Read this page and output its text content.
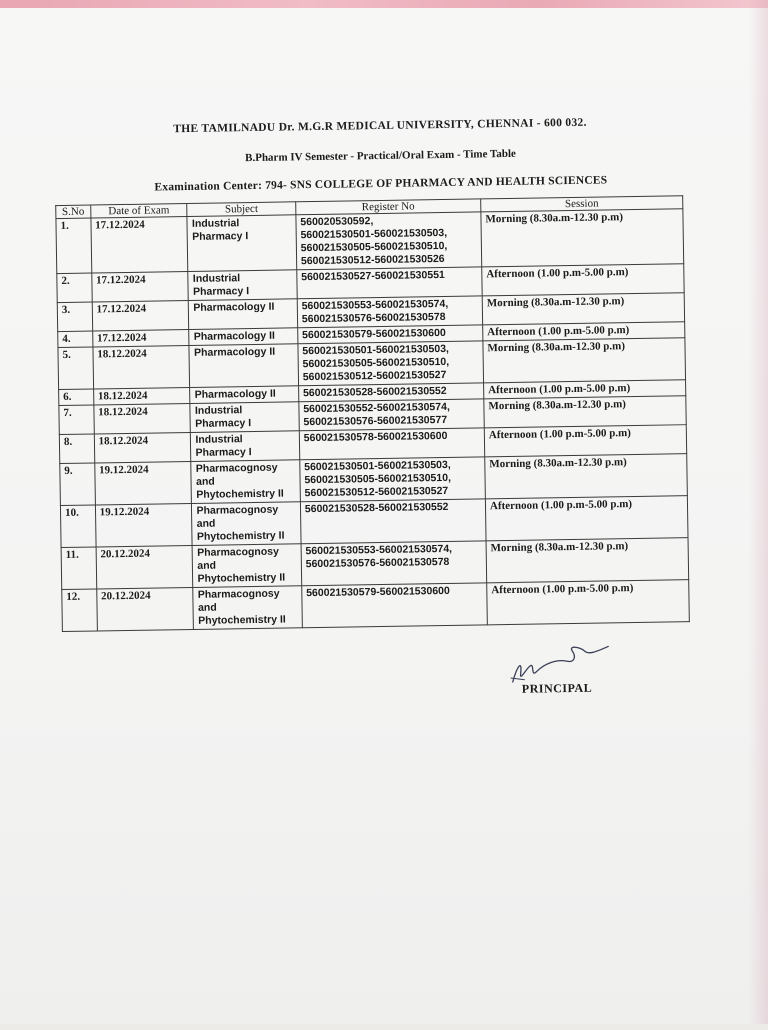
THE TAMILNADU Dr. M.G.R MEDICAL UNIVERSITY, CHENNAI - 600 032.
B.Pharm IV Semester - Practical/Oral Exam - Time Table
Examination Center: 794- SNS COLLEGE OF PHARMACY AND HEALTH SCIENCES
S.No	Date of Exam	Subject	Register No	Session
1.	17.12.2024	Industrial
Pharmacy I	560020530592,
560021530501-560021530503,
560021530505-560021530510,
560021530512-560021530526	Morning (8.30a.m-12.30 p.m)
2.	17.12.2024	Industrial
Pharmacy I	560021530527-560021530551	Afternoon (1.00 p.m-5.00 p.m)
3.	17.12.2024	Pharmacology II	560021530553-560021530574,
560021530576-560021530578	Morning (8.30a.m-12.30 p.m)
4.	17.12.2024	Pharmacology II	560021530579-560021530600	Afternoon (1.00 p.m-5.00 p.m)
5.	18.12.2024	Pharmacology II	560021530501-560021530503,
560021530505-560021530510,
560021530512-560021530527	Morning (8.30a.m-12.30 p.m)
6.	18.12.2024	Pharmacology II	560021530528-560021530552	Afternoon (1.00 p.m-5.00 p.m)
7.	18.12.2024	Industrial
Pharmacy I	560021530552-560021530574,
560021530576-560021530577	Morning (8.30a.m-12.30 p.m)
8.	18.12.2024	Industrial
Pharmacy I	560021530578-560021530600	Afternoon (1.00 p.m-5.00 p.m)
9.	19.12.2024	Pharmacognosy
and
Phytochemistry II	560021530501-560021530503,
560021530505-560021530510,
560021530512-560021530527	Morning (8.30a.m-12.30 p.m)
10.	19.12.2024	Pharmacognosy
and
Phytochemistry II	560021530528-560021530552	Afternoon (1.00 p.m-5.00 p.m)
11.	20.12.2024	Pharmacognosy
and
Phytochemistry II	560021530553-560021530574,
560021530576-560021530578	Morning (8.30a.m-12.30 p.m)
12.	20.12.2024	Pharmacognosy
and
Phytochemistry II	560021530579-560021530600	Afternoon (1.00 p.m-5.00 p.m)
PRINCIPAL
